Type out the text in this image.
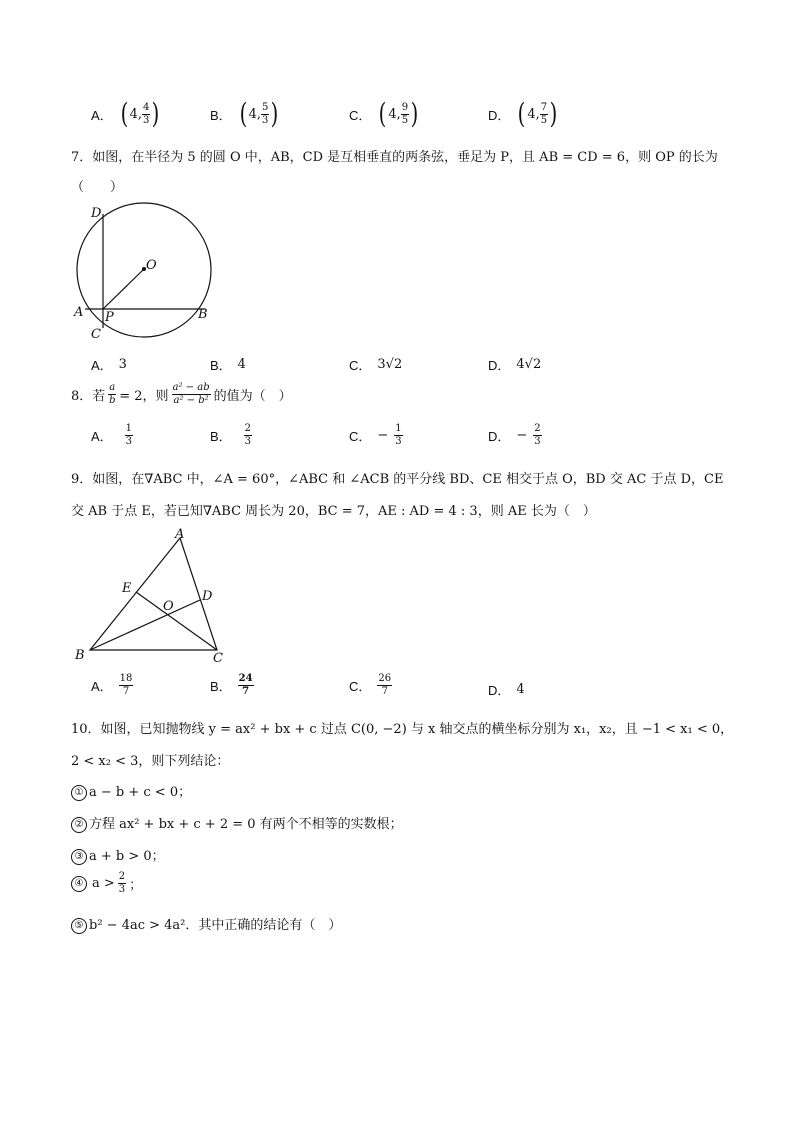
A． ( 4, $\frac{4}{3}$ )	B． ( 4, $\frac{5}{3}$ )	C． ( 4, $\frac{9}{5}$ )	D． ( 4, $\frac{7}{5}$ )
7．如图，在半径为 5 的圆 O 中，AB，CD 是互相垂直的两条弦，垂足为 P，且 AB = CD = 6，则 OP 的长为
（　　）
D
O
A P	B
C
A． 3	B． 4	C． 3√2	D． 4√2
8．若 $\frac{a}{b} = 2$，则 $\frac{\text{a² − ab}}{\text{a² − b²}}$ 的值为（　）
A． $\frac{1}{3}$	B． $\frac{2}{3}$	C． − $\frac{1}{3}$	D． − $\frac{2}{3}$
9．如图，在∇ABC 中，∠A = 60°，∠ABC 和 ∠ACB 的平分线 BD、CE 相交于点 O，BD 交 AC 于点 D，CE
交 AB 于点 E，若已知∇ABC 周长为 20，BC = 7，AE : AD = 4 : 3，则 AE 长为（　）
A
E
O
D
B	C
A． $\frac{18}{7}$	B． $\frac{24}{7}$	C． $\frac{26}{7}$	D． 4
10．如图，已知抛物线 y = ax² + bx + c 过点 C(0, −2) 与 x 轴交点的横坐标分别为 x₁，x₂，且 −1 < x₁ < 0，
2 < x₂ < 3，则下列结论：
① a − b + c < 0；
② 方程 ax² + bx + c + 2 = 0 有两个不相等的实数根；
③ a + b > 0；
④ $a > \frac{2}{3}$ ；
⑤ b² − 4ac > 4a²．其中正确的结论有（　）
